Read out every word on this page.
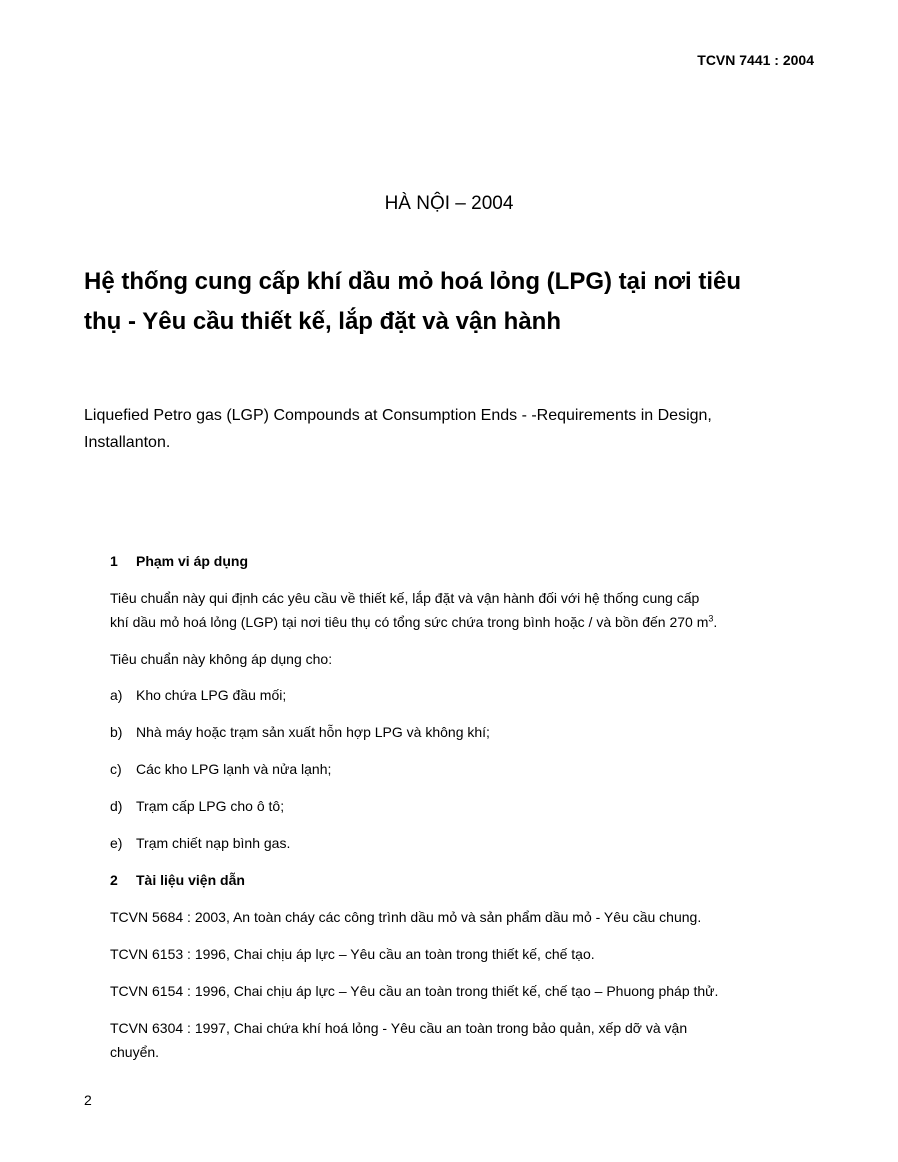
TCVN 7441 : 2004
HÀ NỘI – 2004
Hệ thống cung cấp khí dầu mỏ hoá lỏng (LPG) tại nơi tiêu
thụ - Yêu cầu thiết kế, lắp đặt và vận hành

Liquefied Petro gas (LGP) Compounds at Consumption Ends - -Requirements in Design,
Installanton.

1 Phạm vi áp dụng

Tiêu chuẩn này qui định các yêu cầu về thiết kế, lắp đặt và vận hành đối với hệ thống cung cấp
khí dầu mỏ hoá lỏng (LGP) tại nơi tiêu thụ có tổng sức chứa trong bình hoặc / và bồn đến 270 $m^3$.

Tiêu chuẩn này không áp dụng cho:

a) Kho chứa LPG đầu mối;

b) Nhà máy hoặc trạm sản xuất hỗn hợp LPG và không khí;

c) Các kho LPG lạnh và nửa lạnh;

d) Trạm cấp LPG cho ô tô;

e) Trạm chiết nạp bình gas.

2 Tài liệu viện dẫn

TCVN 5684 : 2003, An toàn cháy các công trình dầu mỏ và sản phẩm dầu mỏ - Yêu cầu chung.

TCVN 6153 : 1996, Chai chịu áp lực – Yêu cầu an toàn trong thiết kế, chế tạo.

TCVN 6154 : 1996, Chai chịu áp lực – Yêu cầu an toàn trong thiết kế, chế tạo – Phuong pháp thử.

TCVN 6304 : 1997, Chai chứa khí hoá lỏng - Yêu cầu an toàn trong bảo quản, xếp dỡ và vận
chuyển.

2
